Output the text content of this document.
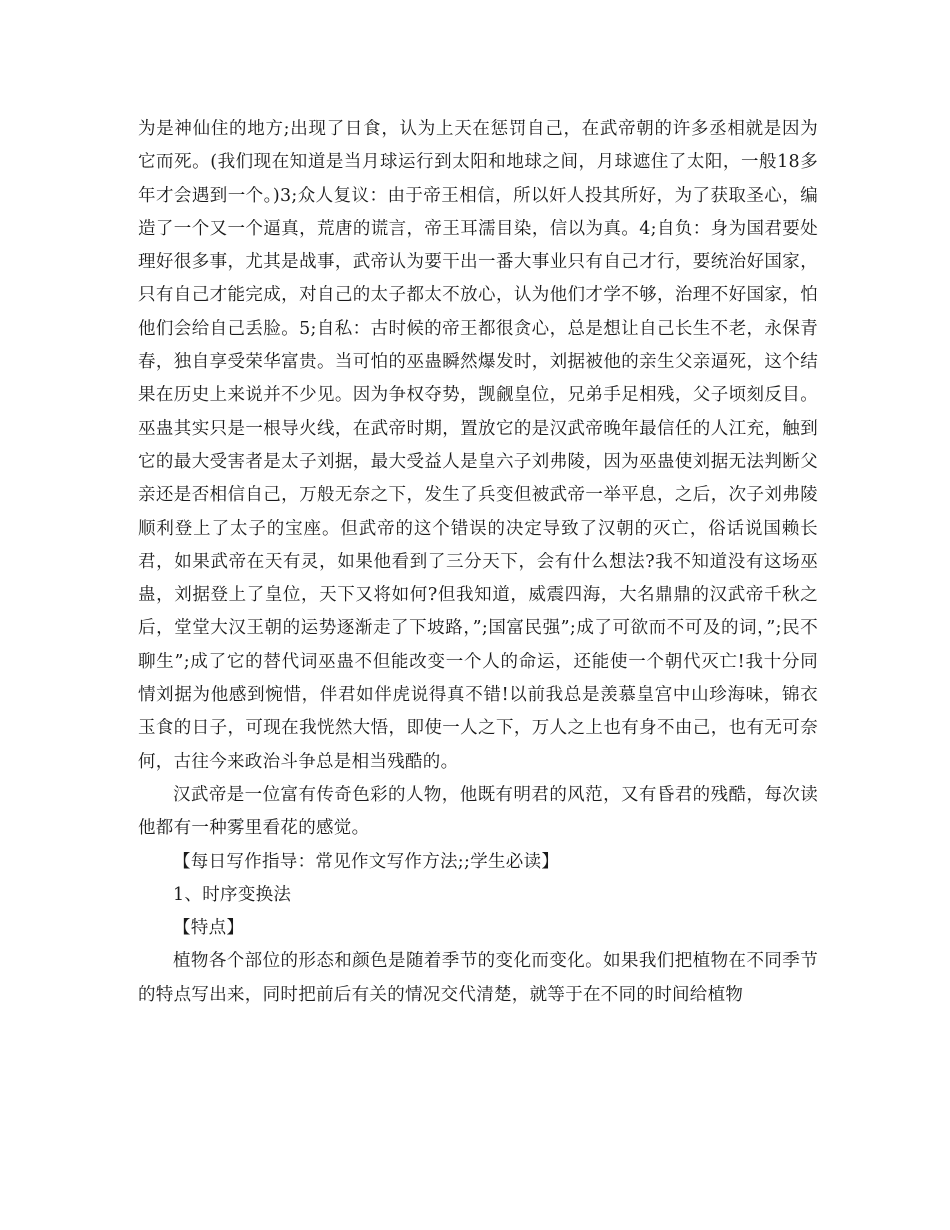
为是神仙住的地方;出现了日食，认为上天在惩罚自己，在武帝朝的许多丞相就是因为它而死。(我们现在知道是当月球运行到太阳和地球之间，月球遮住了太阳，一般18多年才会遇到一个。)3;众人复议：由于帝王相信，所以奸人投其所好，为了获取圣心，编造了一个又一个逼真，荒唐的谎言，帝王耳濡目染，信以为真。4;自负：身为国君要处理好很多事，尤其是战事，武帝认为要干出一番大事业只有自己才行，要统治好国家，只有自己才能完成，对自己的太子都太不放心，认为他们才学不够，治理不好国家，怕他们会给自己丢脸。5;自私：古时候的帝王都很贪心，总是想让自己长生不老，永保青春，独自享受荣华富贵。当可怕的巫蛊瞬然爆发时，刘据被他的亲生父亲逼死，这个结果在历史上来说并不少见。因为争权夺势，觊觎皇位，兄弟手足相残，父子顷刻反目。巫蛊其实只是一根导火线，在武帝时期，置放它的是汉武帝晚年最信任的人江充，触到它的最大受害者是太子刘据，最大受益人是皇六子刘弗陵，因为巫蛊使刘据无法判断父亲还是否相信自己，万般无奈之下，发生了兵变但被武帝一举平息，之后，次子刘弗陵顺利登上了太子的宝座。但武帝的这个错误的决定导致了汉朝的灭亡，俗话说国赖长君，如果武帝在天有灵，如果他看到了三分天下，会有什么想法?我不知道没有这场巫蛊，刘据登上了皇位，天下又将如何?但我知道，威震四海，大名鼎鼎的汉武帝千秋之后，堂堂大汉王朝的运势逐渐走了下坡路，”;国富民强”;成了可欲而不可及的词，”;民不聊生”;成了它的替代词巫蛊不但能改变一个人的命运，还能使一个朝代灭亡!我十分同情刘据为他感到惋惜，伴君如伴虎说得真不错!以前我总是羡慕皇宫中山珍海味，锦衣玉食的日子，可现在我恍然大悟，即使一人之下，万人之上也有身不由己，也有无可奈何，古往今来政治斗争总是相当残酷的。

汉武帝是一位富有传奇色彩的人物，他既有明君的风范，又有昏君的残酷，每次读他都有一种雾里看花的感觉。

【每日写作指导：常见作文写作方法;;学生必读】

1、时序变换法

【特点】

植物各个部位的形态和颜色是随着季节的变化而变化。如果我们把植物在不同季节的特点写出来，同时把前后有关的情况交代清楚，就等于在不同的时间给植物
